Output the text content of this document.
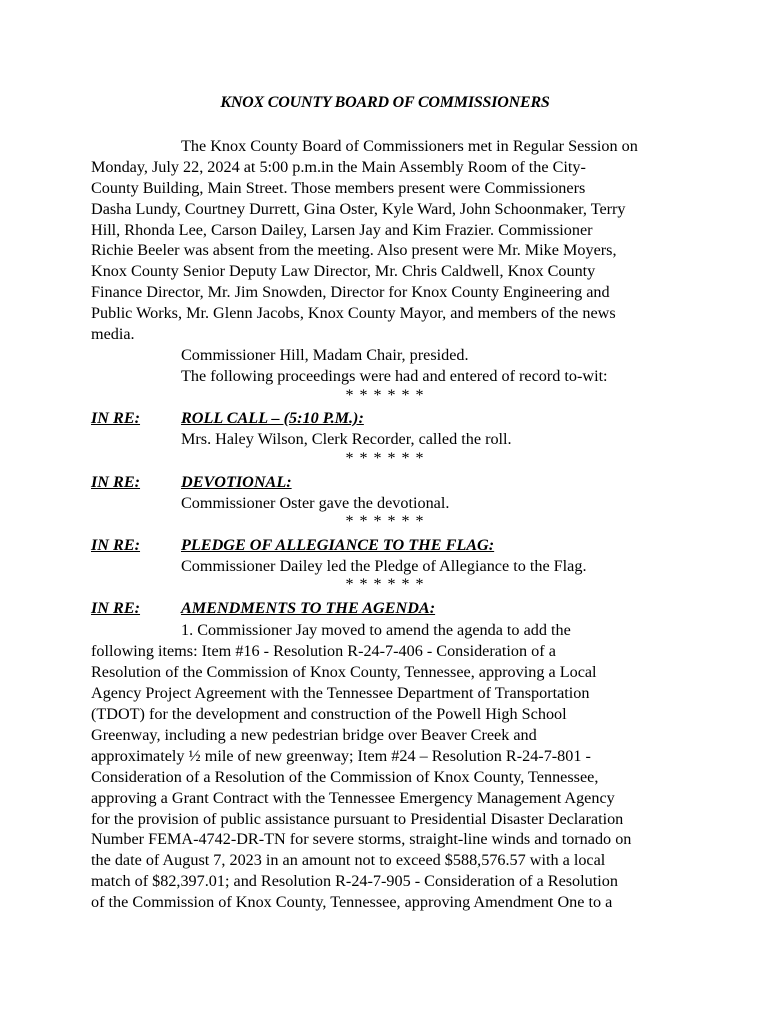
KNOX COUNTY BOARD OF COMMISSIONERS
The Knox County Board of Commissioners met in Regular Session on
Monday, July 22, 2024 at 5:00 p.m.in the Main Assembly Room of the City-
County Building, Main Street. Those members present were Commissioners
Dasha Lundy, Courtney Durrett, Gina Oster, Kyle Ward, John Schoonmaker, Terry
Hill, Rhonda Lee, Carson Dailey, Larsen Jay and Kim Frazier. Commissioner
Richie Beeler was absent from the meeting. Also present were Mr. Mike Moyers,
Knox County Senior Deputy Law Director, Mr. Chris Caldwell, Knox County
Finance Director, Mr. Jim Snowden, Director for Knox County Engineering and
Public Works, Mr. Glenn Jacobs, Knox County Mayor, and members of the news
media.
Commissioner Hill, Madam Chair, presided.
The following proceedings were had and entered of record to-wit:
* * * * * *
IN RE:	ROLL CALL – (5:10 P.M.):
Mrs. Haley Wilson, Clerk Recorder, called the roll.
* * * * * *
IN RE:	DEVOTIONAL:
Commissioner Oster gave the devotional.
* * * * * *
IN RE:	PLEDGE OF ALLEGIANCE TO THE FLAG:
Commissioner Dailey led the Pledge of Allegiance to the Flag.
* * * * * *
IN RE:	AMENDMENTS TO THE AGENDA:
1. Commissioner Jay moved to amend the agenda to add the
following items: Item #16 - Resolution R-24-7-406 - Consideration of a
Resolution of the Commission of Knox County, Tennessee, approving a Local
Agency Project Agreement with the Tennessee Department of Transportation
(TDOT) for the development and construction of the Powell High School
Greenway, including a new pedestrian bridge over Beaver Creek and
approximately ½ mile of new greenway; Item #24 – Resolution R-24-7-801 -
Consideration of a Resolution of the Commission of Knox County, Tennessee,
approving a Grant Contract with the Tennessee Emergency Management Agency
for the provision of public assistance pursuant to Presidential Disaster Declaration
Number FEMA-4742-DR-TN for severe storms, straight-line winds and tornado on
the date of August 7, 2023 in an amount not to exceed $588,576.57 with a local
match of $82,397.01; and Resolution R-24-7-905 - Consideration of a Resolution
of the Commission of Knox County, Tennessee, approving Amendment One to a
